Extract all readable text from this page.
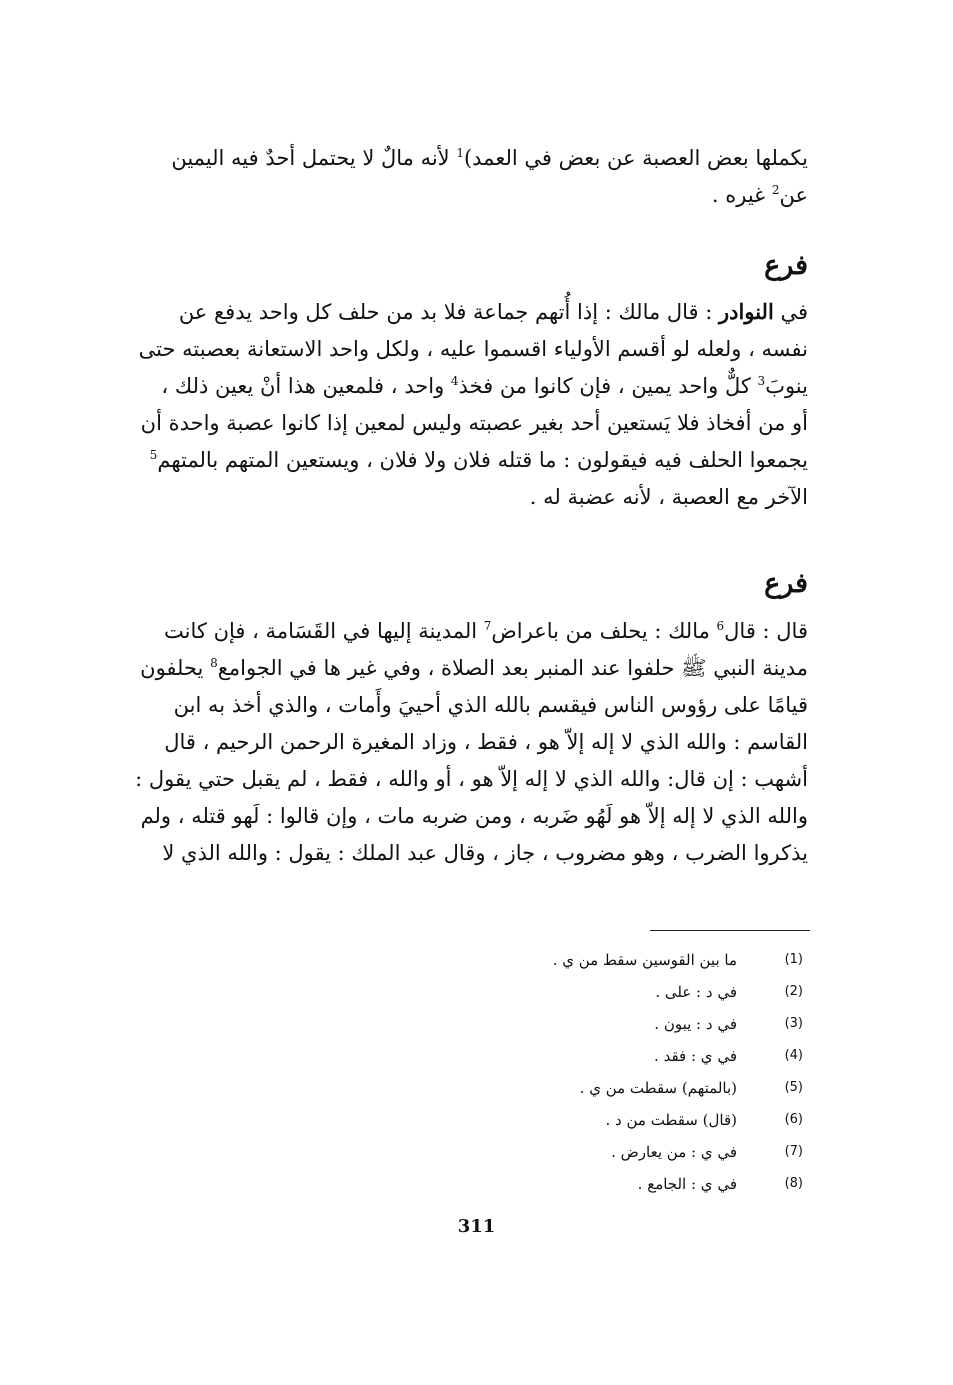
يكملها بعض العصبة عن بعض في العمد)$^1$ لأنه مالٌ لا يحتمل أحدٌ فيه اليمين
عن$^2$ غيره .
فرع
في النوادر : قال مالك : إذا أُتهم جماعة فلا بد من حلف كل واحد يدفع عن
نفسه ، ولعله لو أقسم الأولياء اقسموا عليه ، ولكل واحد الاستعانة بعصبته حتى
ينوبَ$^3$ كلٌّ واحد يمين ، فإن كانوا من فخذ$^4$ واحد ، فلمعين هذا أنْ يعين ذلك ،
أو من أفخاذ فلا يَستعين أحد بغير عصبته وليس لمعين إذا كانوا عصبة واحدة أن
يجمعوا الحلف فيه فيقولون : ما قتله فلان ولا فلان ، ويستعين المتهم بالمتهم$^5$
الآخر مع العصبة ، لأنه عضبة له .
فرع
قال : قال$^6$ مالك : يحلف من باعراض$^7$ المدينة إليها في القَسَامة ، فإن كانت
مدينة النبي ﷺ حلفوا عند المنبر بعد الصلاة ، وفي غير ها في الجوامع$^8$ يحلفون
قيامًا على رؤوس الناس فيقسم بالله الذي أحييَ وأَمات ، والذي أخذ به ابن
القاسم : والله الذي لا إله إلاّ هو ، فقط ، وزاد المغيرة الرحمن الرحيم ، قال
أشهب : إن قال: والله الذي لا إله إلاّ هو ، أو والله ، فقط ، لم يقبل حتي يقول :
والله الذي لا إله إلاّ هو لَهُو ضَربه ، ومن ضربه مات ، وإن قالوا : لَهو قتله ، ولم
يذكروا الضرب ، وهو مضروب ، جاز ، وقال عبد الملك : يقول : والله الذي لا
(1)
ما بين القوسين سقط من ي .
(2)
في د : على .
(3)
في د : يبون .
(4)
في ي : فقد .
(5)
(بالمتهم) سقطت من ي .
(6)
(قال) سقطت من د .
(7)
في ي : من يعارض .
(8)
في ي : الجامع .
311
